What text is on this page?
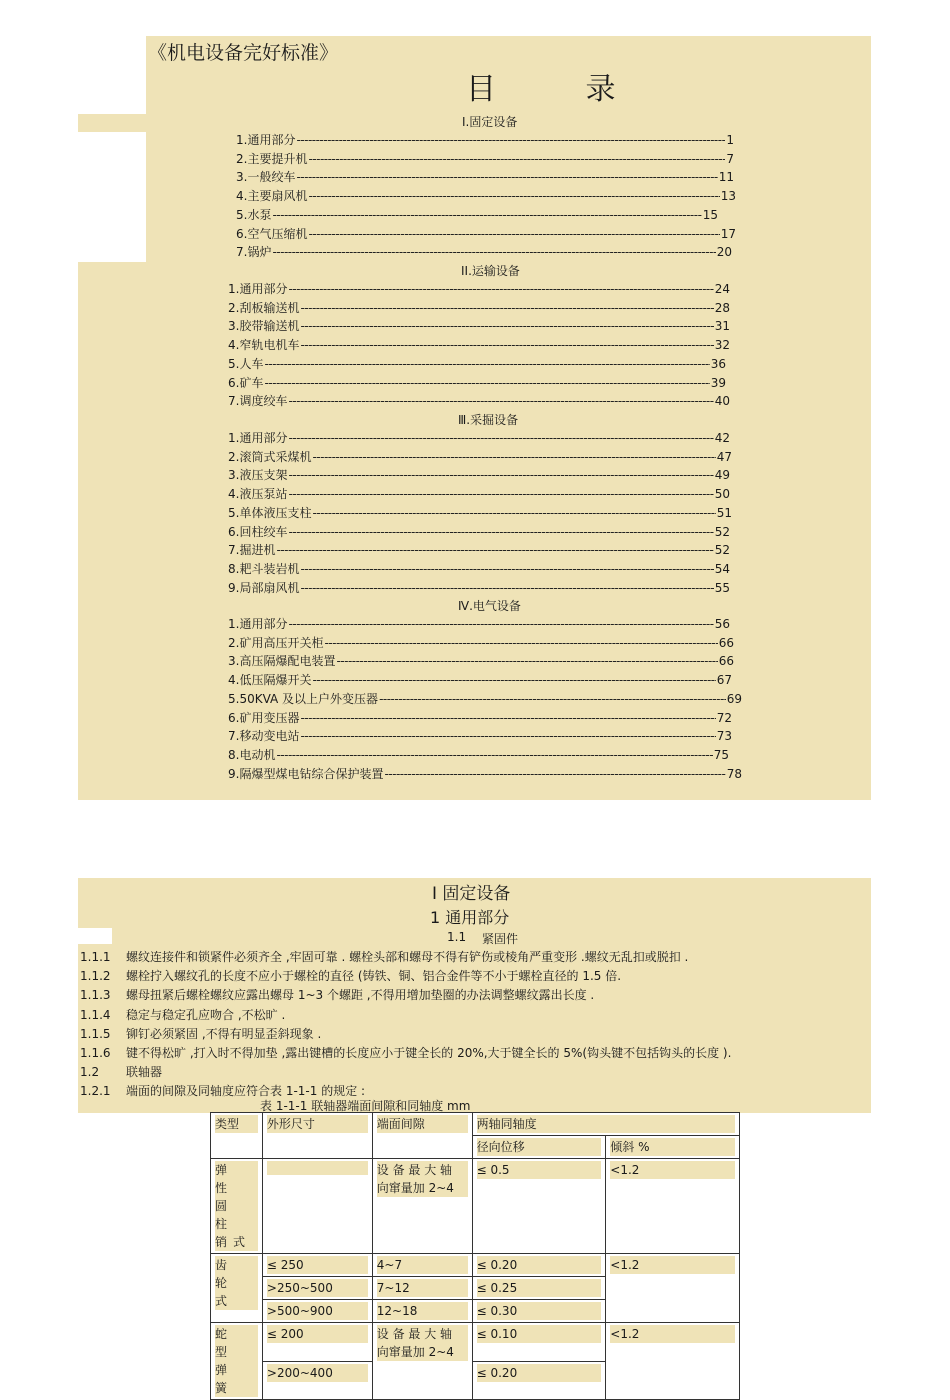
《机电设备完好标准》
目 录
I.固定设备
1.通用部分 -----	1
2.主要提升机 -----	7
3.一般绞车 -----	11
4.主要扇风机 -----	13
5.水泵 -----	15
6.空气压缩机 -----	17
7.锅炉 -----	20
II.运输设备
1.通用部分 -----	24
2.刮板输送机 -----	28
3.胶带输送机 -----	31
4.窄轨电机车 -----	32
5.人车 -----	36
6.矿车 -----	39
7.调度绞车 -----	40
Ⅲ.采掘设备
1.通用部分 -----	42
2.滚筒式采煤机 -----	47
3.液压支架 -----	49
4.液压泵站 -----	50
5.单体液压支柱 -----	51
6.回柱绞车 -----	52
7.掘进机 -----	52
8.耙斗装岩机 -----	54
9.局部扇风机 -----	55
Ⅳ.电气设备
1.通用部分 -----	56
2.矿用高压开关柜 -----	66
3.高压隔爆配电装置 -----	66
4.低压隔爆开关 -----	67
5.50KVA 及以上户外变压器 -----	69
6.矿用变压器 -----	72
7.移动变电站 -----	73
8.电动机 -----	75
9.隔爆型煤电钻综合保护装置 -----	78
I 固定设备
1 通用部分
1.1 紧固件
1.1.1 螺纹连接件和锁紧件必须齐全 ,牢固可靠 . 螺栓头部和螺母不得有铲伤或棱角严重变形 .螺纹无乱扣或脱扣 .
1.1.2 螺栓拧入螺纹孔的长度不应小于螺栓的直径 (铸铁、铜、铝合金件等不小于螺栓直径的 1.5 倍.
1.1.3 螺母扭紧后螺栓螺纹应露出螺母 1~3 个螺距 ,不得用增加垫圈的办法调整螺纹露出长度 .
1.1.4 稳定与稳定孔应吻合 ,不松旷 .
1.1.5 铆钉必须紧固 ,不得有明显歪斜现象 .
1.1.6 键不得松旷 ,打入时不得加垫 ,露出键槽的长度应小于键全长的 20%,大于键全长的 5%(钩头键不包括钩头的长度 ).
1.2 联轴器
1.2.1 端面的间隙及同轴度应符合表 1-1-1 的规定 :
表 1-1-1 联轴器端面间隙和同轴度 mm
类型	外形尺寸	端面间隙	两轴同轴度	

			径向位移	倾斜 %

弹 性 圆 柱 销式		设 备 最 大 轴 向窜量加 2~4	≤ 0.5	<1.2

齿 轮 式	≤ 250	4~7	≤ 0.20	<1.2

	>250~500	7~12	≤ 0.25	

	>500~900	12~18	≤ 0.30	

蛇 型 弹 簧	≤ 200	设 备 最 大 轴 向窜量加 2~4	≤ 0.10	<1.2

	>200~400		≤ 0.20	
